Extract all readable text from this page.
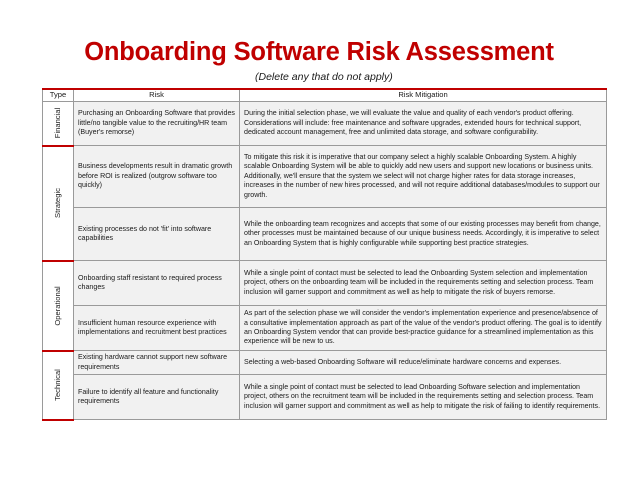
Onboarding Software Risk Assessment
(Delete any that do not apply)
Type	Risk	Risk Mitigation

Financial	Purchasing an Onboarding Software that provides little/no tangible value to the recruiting/HR team (Buyer's remorse)	During the initial selection phase, we will evaluate the value and quality of each vendor's product offering. Considerations will include: free maintenance and software upgrades, extended hours for technical support, dedicated account management, free and unlimited data storage, and software configurability.

Strategic	Business developments result in dramatic growth before ROI is realized (outgrow software too quickly)	To mitigate this risk it is imperative that our company select a highly scalable Onboarding System. A highly scalable Onboarding System will be able to quickly add new users and support new locations or business units. Additionally, we'll ensure that the system we select will not charge higher rates for data storage increases, increases in the number of new hires processed, and will not require additional databases/modules to support our growth.
	Existing processes do not 'fit' into software capabilities	While the onboarding team recognizes and accepts that some of our existing processes may benefit from change, other processes must be maintained because of our unique business needs. Accordingly, it is imperative to select an Onboarding System that is highly configurable while supporting best practice strategies.

Operational	Onboarding staff resistant to required process changes	While a single point of contact must be selected to lead the Onboarding System selection and implementation project, others on the onboarding team will be included in the requirements setting and selection process. Team inclusion will garner support and commitment as well as help to mitigate the risk of buyers remorse.
	Insufficient human resource experience with implementations and recruitment best practices	As part of the selection phase we will consider the vendor's implementation experience and presence/absence of a consultative implementation approach as part of the value of the vendor's product offering. The goal is to identify an Onboarding System vendor that can provide best-practice guidance for a streamlined implementation as this experience will be new to us.

Technical	Existing hardware cannot support new software requirements	Selecting a web-based Onboarding Software will reduce/eliminate hardware concerns and expenses.
	Failure to identify all feature and functionality requirements	While a single point of contact must be selected to lead Onboarding Software selection and implementation project, others on the recruitment team will be included in the requirements setting and selection process. Team inclusion will garner support and commitment as well as help to mitigate the risk of failing to identify requirements.
